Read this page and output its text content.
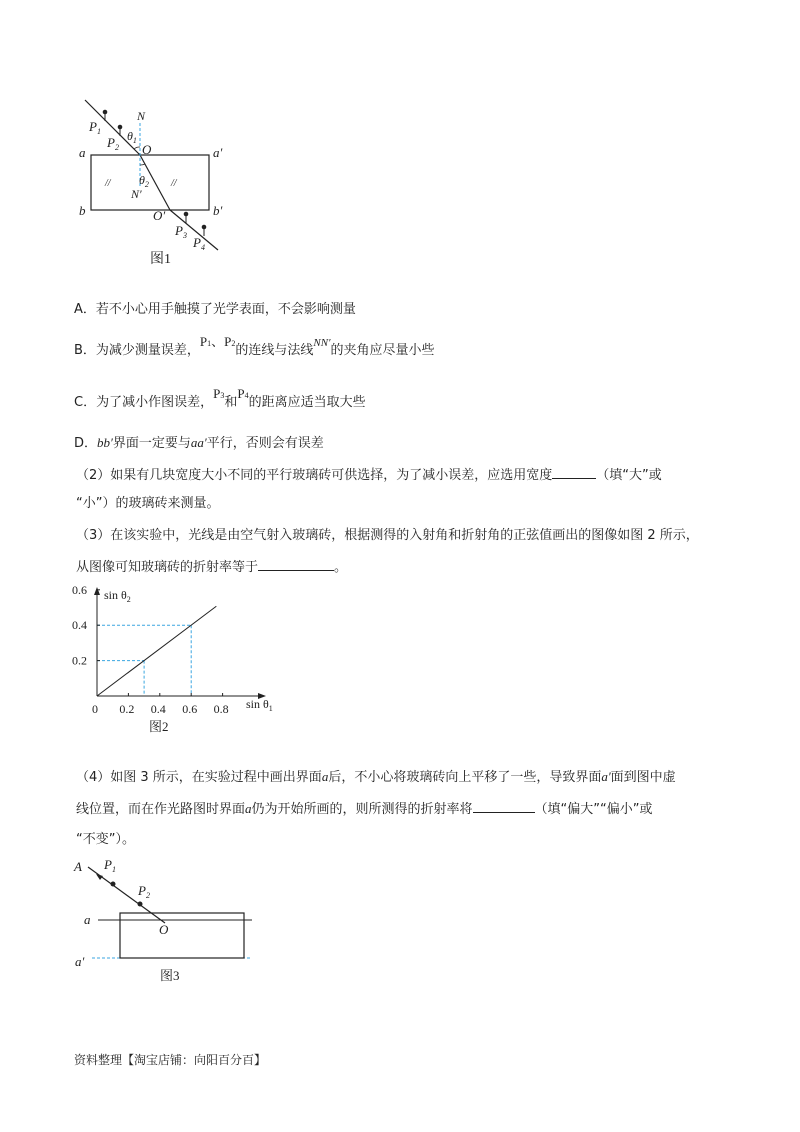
$P_1$
$P_2$
$\theta_1$
N
O
a	a′
b	b′
$\theta_2$
N′
O′
$P_3$ $P_4$
//	//
图1
A．若不小心用手触摸了光学表面，不会影响测量
B．为减少测量误差，P1、P2的连线与法线$^{NN'}$的夹角应尽量小些
C．为了减小作图误差，P3和P4的距离应适当取大些
D．bb′界面一定要与aa′平行，否则会有误差
（2）如果有几块宽度大小不同的平行玻璃砖可供选择，为了减小误差，应选用宽度	（填“大”或
“小”）的玻璃砖来测量。
（3）在该实验中，光线是由空气射入玻璃砖，根据测得的入射角和折射角的正弦值画出的图像如图 2 所示，
从图像可知玻璃砖的折射率等于	。
0.2 0.4 0.6 0.8
0.2
0.4
0.6 $\sin \theta_2$
$\sin \theta_1$
0
图2
（4）如图 3 所示，在实验过程中画出界面a后，不小心将玻璃砖向上平移了一些，导致界面a′面到图中虚
线位置，而在作光路图时界面a仍为开始所画的，则所测得的折射率将	（填“偏大”“偏小”或
“不变”）。
A $P_1$
$P_2$
a
a′
O
图3
资料整理【淘宝店铺：向阳百分百】
